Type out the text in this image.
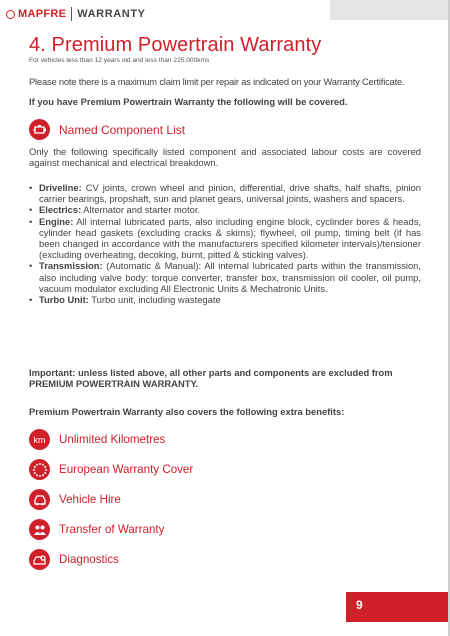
MAPFRE WARRANTY
4. Premium Powertrain Warranty

For vehicles less than 12 years old and less than 225,000kms

Please note there is a maximum claim limit per repair as indicated on your Warranty Certificate.

If you have Premium Powertrain Warranty the following will be covered.

Named Component List

Only the following specifically listed component and associated labour costs are covered against mechanical and electrical breakdown.

• Driveline: CV joints, crown wheel and pinion, differential, drive shafts, half shafts, pinion carrier bearings, propshaft, sun and planet gears, universal joints, washers and spacers.
• Electrics: Alternator and starter motor.
• Engine: All internal lubricated parts, also including engine block, cyclinder bores & heads, cylinder head gaskets (excluding cracks & skims); flywheel, oil pump, timing belt (if has been changed in accordance with the manufacturers specified kilometer intervals)/tensioner (excluding overheating, decoking, burnt, pitted & sticking valves).
• Transmission: (Automatic & Manual): All internal lubricated parts within the transmission, also including valve body: torque converter, transfer box, transmission oil cooler, oil pump, vacuum modulator excluding All Electronic Units & Mechatronic Units.
• Turbo Unit: Turbo unit, including wastegate

Important: unless listed above, all other parts and components are excluded from PREMIUM POWERTRAIN WARRANTY.

Premium Powertrain Warranty also covers the following extra benefits:

km	Unlimited Kilometres
European Warranty Cover
Vehicle Hire
Transfer of Warranty
Diagnostics
9
